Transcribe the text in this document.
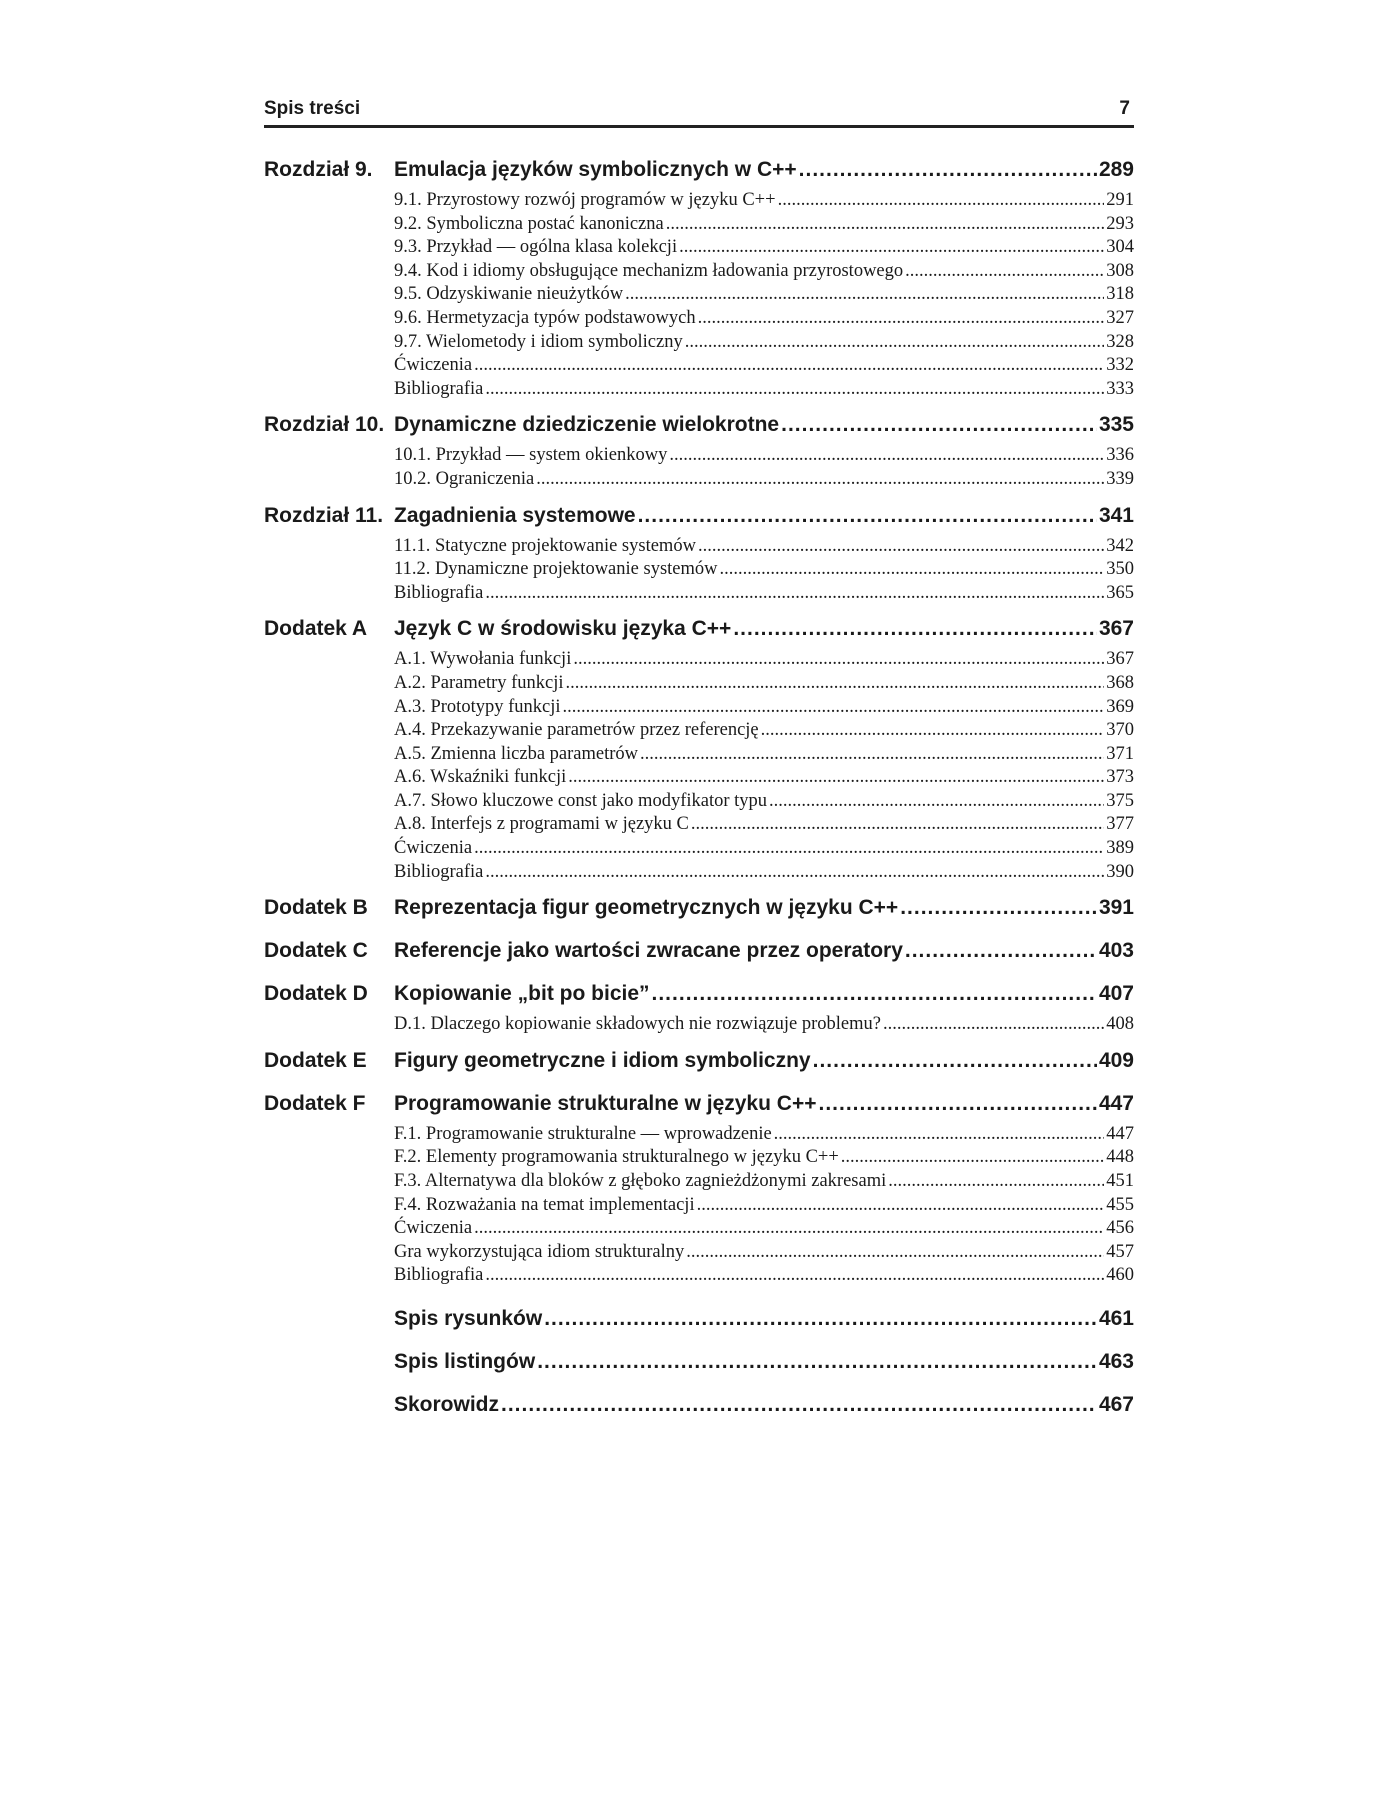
Spis treści	7
Rozdział 9.	Emulacja języków symbolicznych w C++ .....	289
9.1. Przyrostowy rozwój programów w języku C++ .....	291
9.2. Symboliczna postać kanoniczna .....	293
9.3. Przykład — ogólna klasa kolekcji .....	304
9.4. Kod i idiomy obsługujące mechanizm ładowania przyrostowego .....	308
9.5. Odzyskiwanie nieużytków .....	318
9.6. Hermetyzacja typów podstawowych .....	327
9.7. Wielometody i idiom symboliczny .....	328
Ćwiczenia .....	332
Bibliografia .....	333
Rozdział 10. Dynamiczne dziedziczenie wielokrotne .....	335
10.1. Przykład — system okienkowy .....	336
10.2. Ograniczenia .....	339
Rozdział 11. Zagadnienia systemowe .....	341
11.1. Statyczne projektowanie systemów .....	342
11.2. Dynamiczne projektowanie systemów .....	350
Bibliografia .....	365
Dodatek A	Język C w środowisku języka C++ .....	367
A.1. Wywołania funkcji .....	367
A.2. Parametry funkcji .....	368
A.3. Prototypy funkcji .....	369
A.4. Przekazywanie parametrów przez referencję .....	370
A.5. Zmienna liczba parametrów .....	371
A.6. Wskaźniki funkcji .....	373
A.7. Słowo kluczowe const jako modyfikator typu .....	375
A.8. Interfejs z programami w języku C .....	377
Ćwiczenia .....	389
Bibliografia .....	390
Dodatek B	Reprezentacja figur geometrycznych w języku C++ .....	391
Dodatek C	Referencje jako wartości zwracane przez operatory .....	403
Dodatek D	Kopiowanie „bit po bicie” .....	407
D.1. Dlaczego kopiowanie składowych nie rozwiązuje problemu? .....	408
Dodatek E	Figury geometryczne i idiom symboliczny .....	409
Dodatek F	Programowanie strukturalne w języku C++ .....	447
F.1. Programowanie strukturalne — wprowadzenie .....	447
F.2. Elementy programowania strukturalnego w języku C++ .....	448
F.3. Alternatywa dla bloków z głęboko zagnieżdżonymi zakresami .....	451
F.4. Rozważania na temat implementacji .....	455
Ćwiczenia .....	456
Gra wykorzystująca idiom strukturalny .....	457
Bibliografia .....	460
Spis rysunków .....	461
Spis listingów .....	463
Skorowidz .....	467
